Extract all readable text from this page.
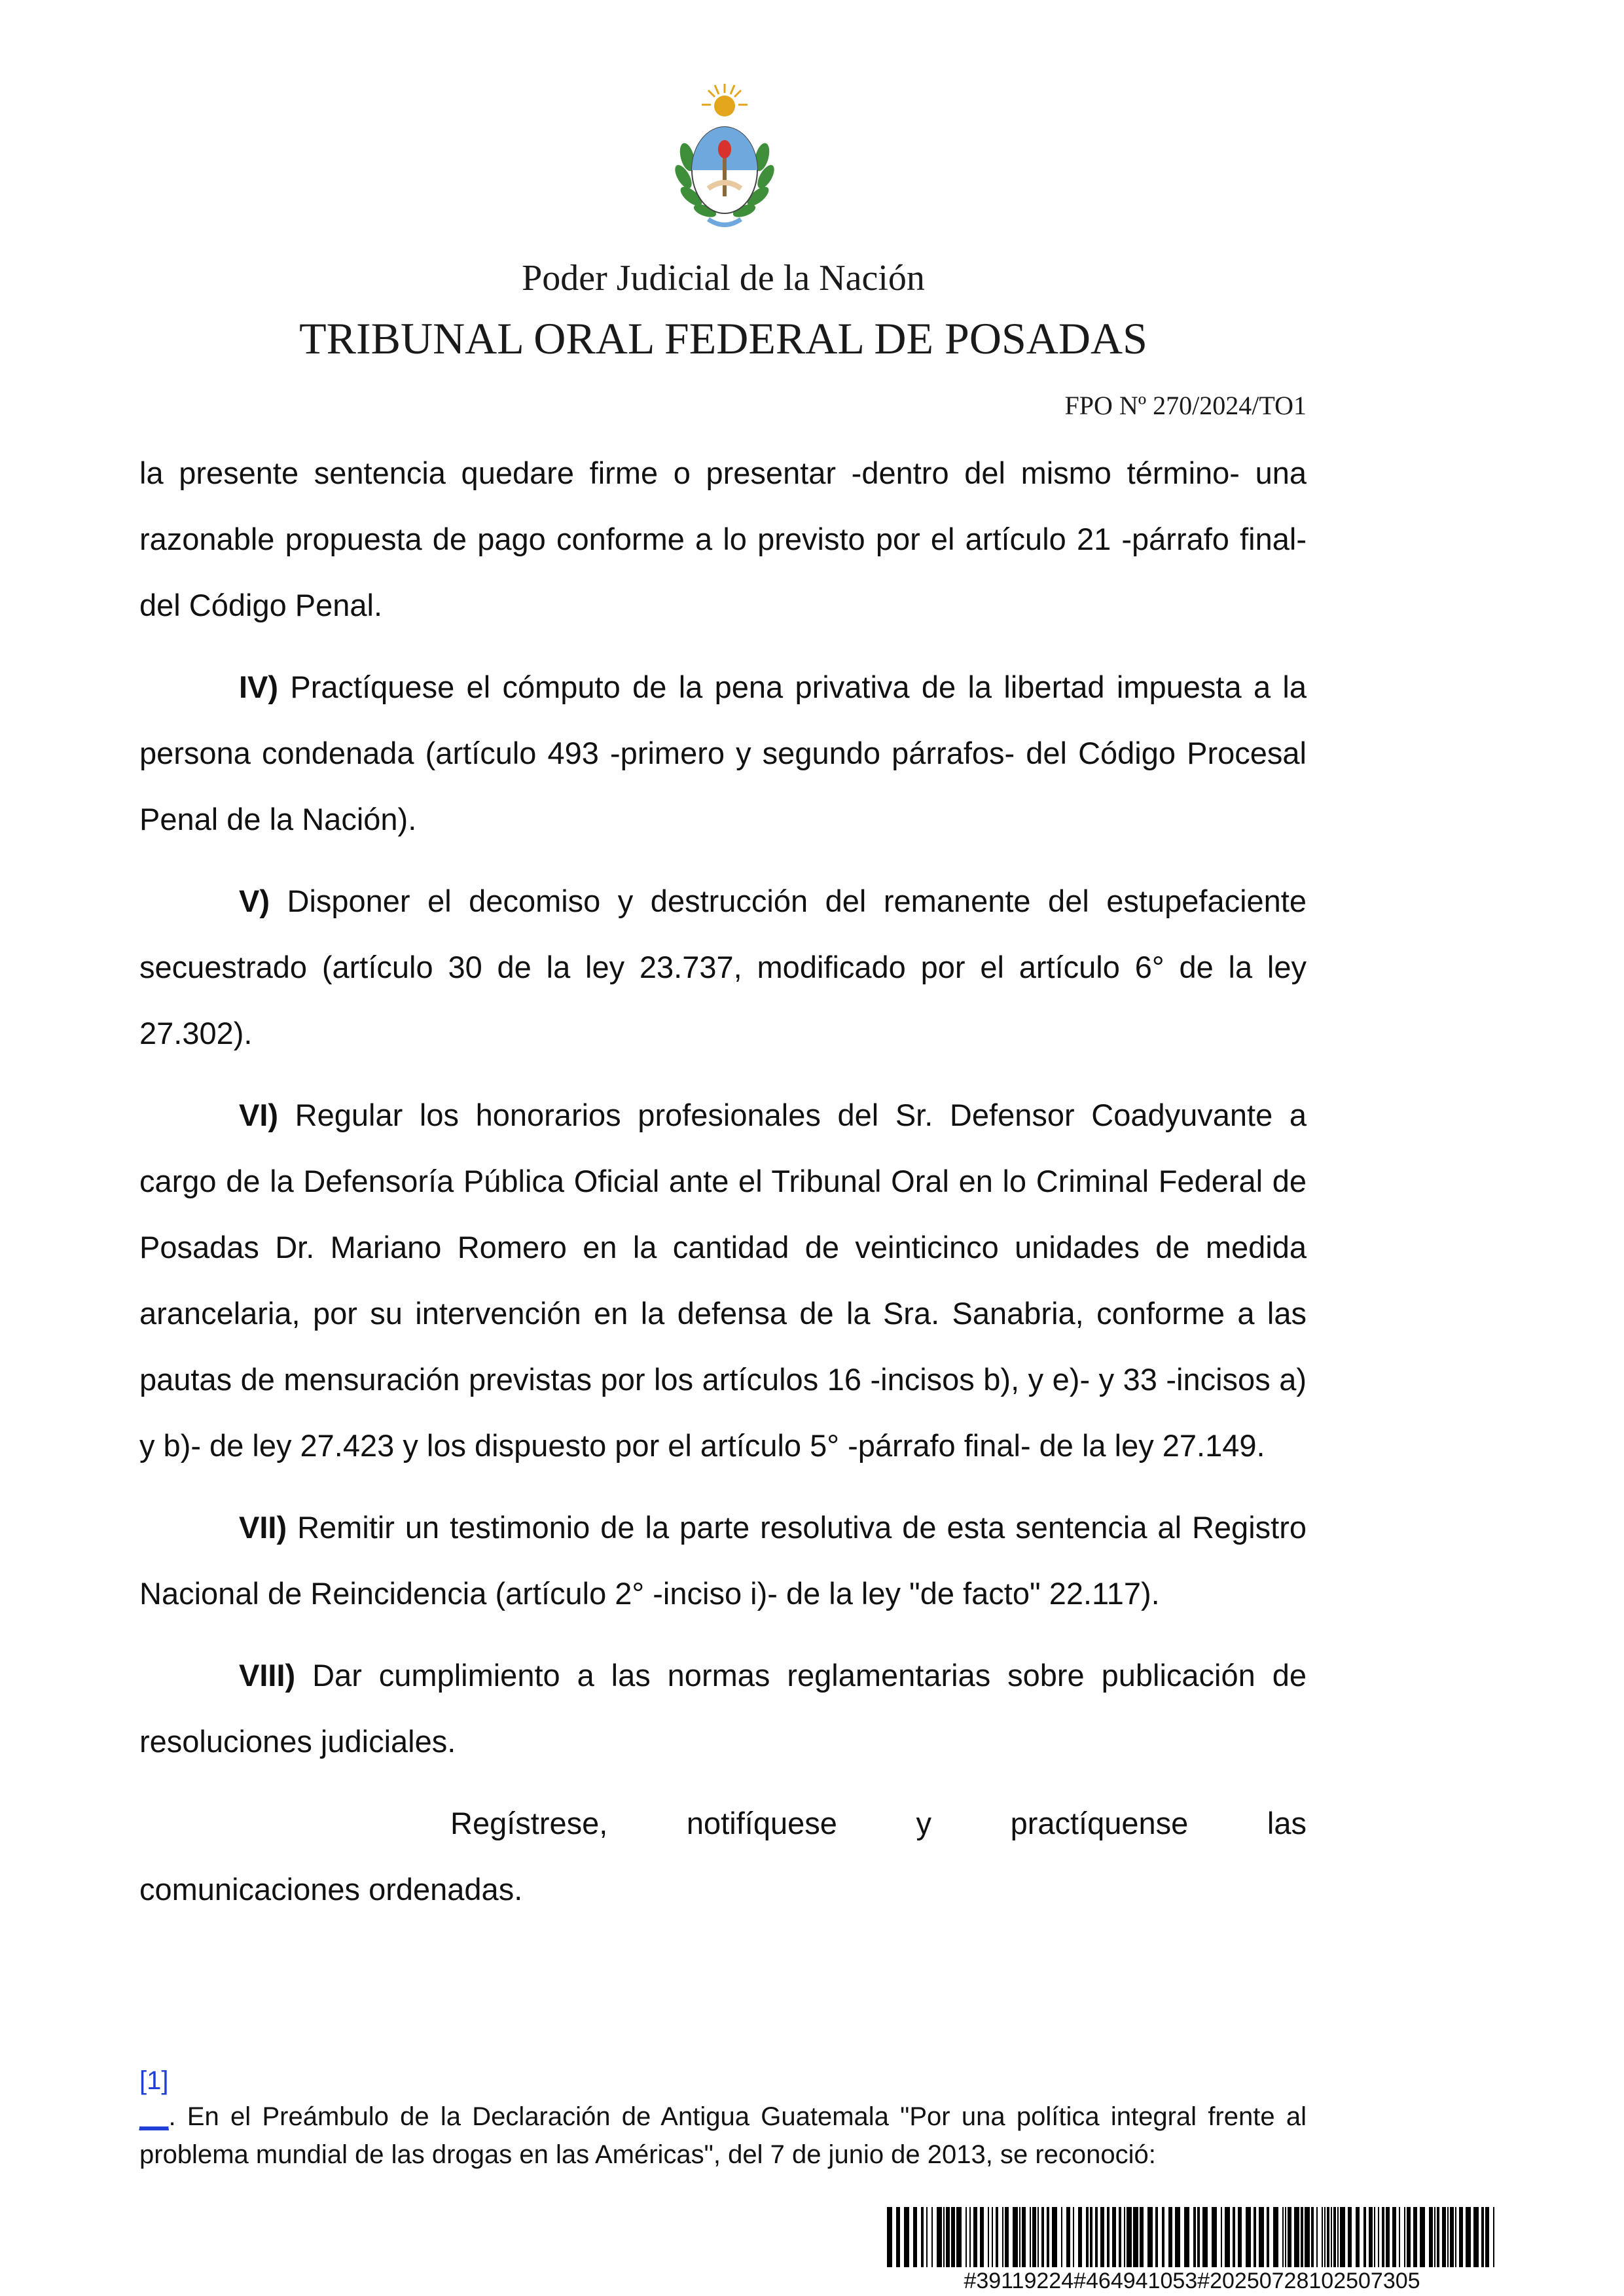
Poder Judicial de la Nación
TRIBUNAL ORAL FEDERAL DE POSADAS
FPO Nº 270/2024/TO1

la presente sentencia quedare firme o presentar -dentro del mismo término- una razonable propuesta de pago conforme a lo previsto por el artículo 21 -párrafo final- del Código Penal.

IV) Practíquese el cómputo de la pena privativa de la libertad impuesta a la persona condenada (artículo 493 -primero y segundo párrafos- del Código Procesal Penal de la Nación).

V) Disponer el decomiso y destrucción del remanente del estupefaciente secuestrado (artículo 30 de la ley 23.737, modificado por el artículo 6° de la ley 27.302).

VI) Regular los honorarios profesionales del Sr. Defensor Coadyuvante a cargo de la Defensoría Pública Oficial ante el Tribunal Oral en lo Criminal Federal de Posadas Dr. Mariano Romero en la cantidad de veinticinco unidades de medida arancelaria, por su intervención en la defensa de la Sra. Sanabria, conforme a las pautas de mensuración previstas por los artículos 16 -incisos b), y e)- y 33 -incisos a) y b)- de ley 27.423 y los dispuesto por el artículo 5° -párrafo final- de la ley 27.149.

VII) Remitir un testimonio de la parte resolutiva de esta sentencia al Registro Nacional de Reincidencia (artículo 2° -inciso i)- de la ley "de facto" 22.117).

VIII) Dar cumplimiento a las normas reglamentarias sobre publicación de resoluciones judiciales.

Regístrese,	notifíquese	y	practíquense	las
comunicaciones ordenadas.
[1]
__. En el Preámbulo de la Declaración de Antigua Guatemala "Por una política integral frente al problema mundial de las drogas en las Américas", del 7 de junio de 2013, se reconoció:
#39119224#464941053#20250728102507305
